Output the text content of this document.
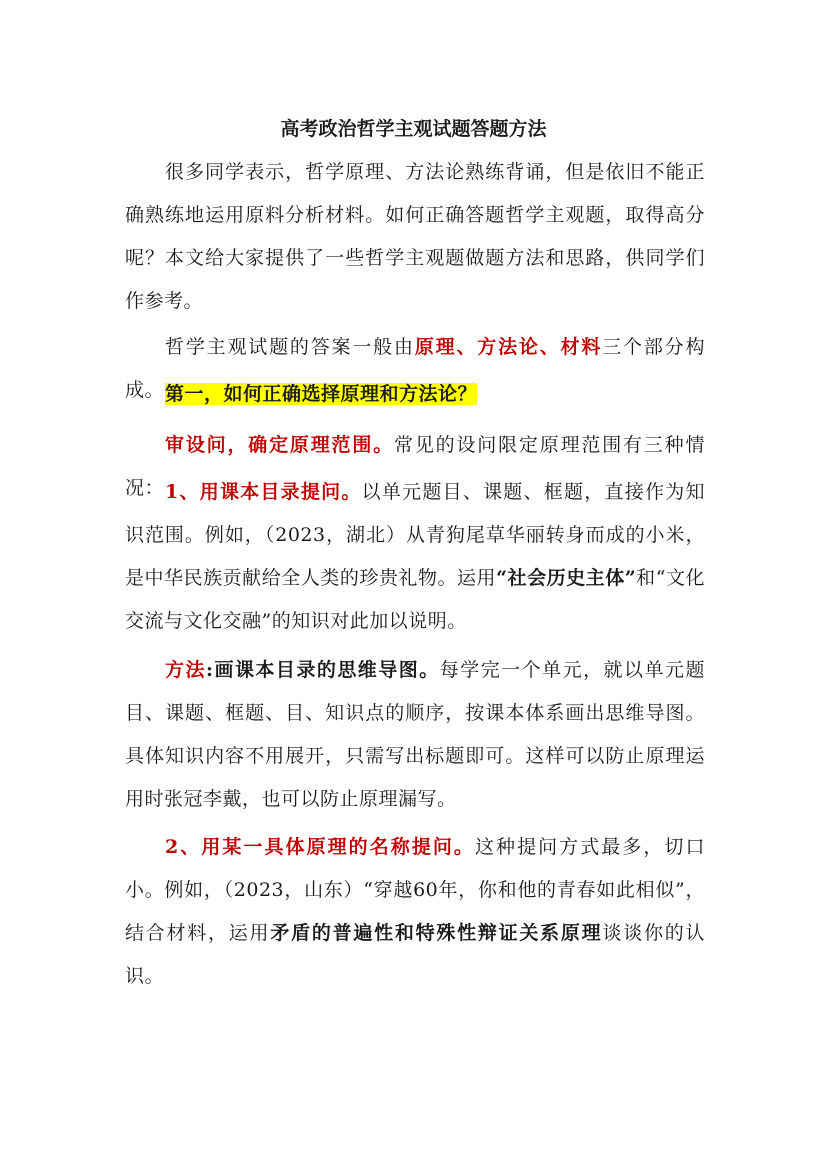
高考政治哲学主观试题答题方法

很多同学表示，哲学原理、方法论熟练背诵，但是依旧不能正确熟练地运用原料分析材料。如何正确答题哲学主观题，取得高分呢？本文给大家提供了一些哲学主观题做题方法和思路，供同学们作参考。

哲学主观试题的答案一般由原理、方法论、材料三个部分构成。 第一，如何正确选择原理和方法论？

审设问，确定原理范围。常见的设问限定原理范围有三种情况： 1、用课本目录提问。以单元题目、课题、框题，直接作为知识范围。例如，（2023，湖北）从青狗尾草华丽转身而成的小米，是中华民族贡献给全人类的珍贵礼物。运用“社会历史主体”和“文化交流与文化交融”的知识对此加以说明。

方法:画课本目录的思维导图。每学完一个单元，就以单元题目、课题、框题、目、知识点的顺序，按课本体系画出思维导图。具体知识内容不用展开，只需写出标题即可。这样可以防止原理运用时张冠李戴，也可以防止原理漏写。

2、用某一具体原理的名称提问。这种提问方式最多，切口小。例如，（2023，山东）“穿越60年，你和他的青春如此相似”，结合材料，运用矛盾的普遍性和特殊性辩证关系原理谈谈你的认识。
